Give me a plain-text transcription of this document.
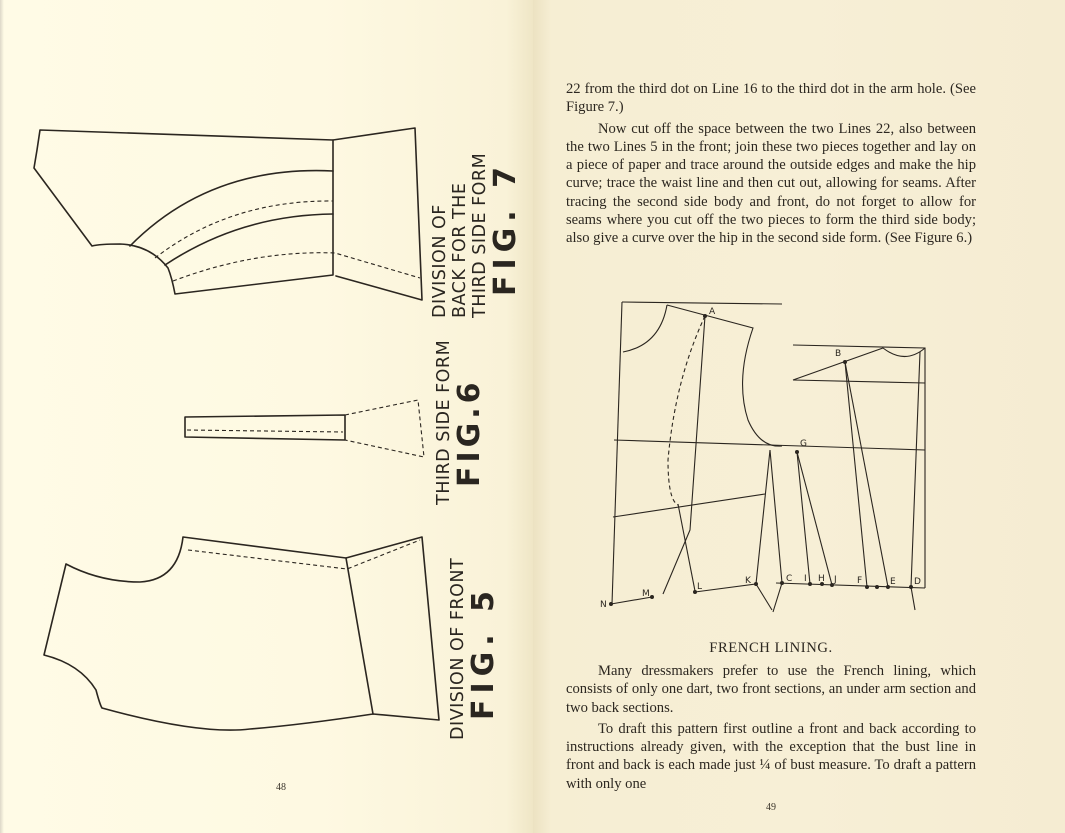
DIVISION OF BACK FOR THE THIRD SIDE FORM
FIG. 7
THIRD SIDE FORM
FIG.6
DIVISION OF FRONT
FIG. 5
48

22 from the third dot on Line 16 to the third dot in the arm hole. (See Figure 7.)

Now cut off the space between the two Lines 22, also between the two Lines 5 in the front; join these two pieces together and lay on a piece of paper and trace around the outside edges and make the hip curve; trace the waist line and then cut out, allowing for seams. After tracing the second side body and front, do not forget to allow for seams where you cut off the two pieces to form the third side body; also give a curve over the hip in the second side form. (See Figure 6.)

A
B
G
N
M
L
K	C I H J F	E D
FRENCH LINING.

Many dressmakers prefer to use the French lining, which consists of only one dart, two front sections, an under arm section and two back sections.

To draft this pattern first outline a front and back according to instructions already given, with the exception that the bust line in front and back is each made just ¼ of bust measure. To draft a pattern with only one

49
